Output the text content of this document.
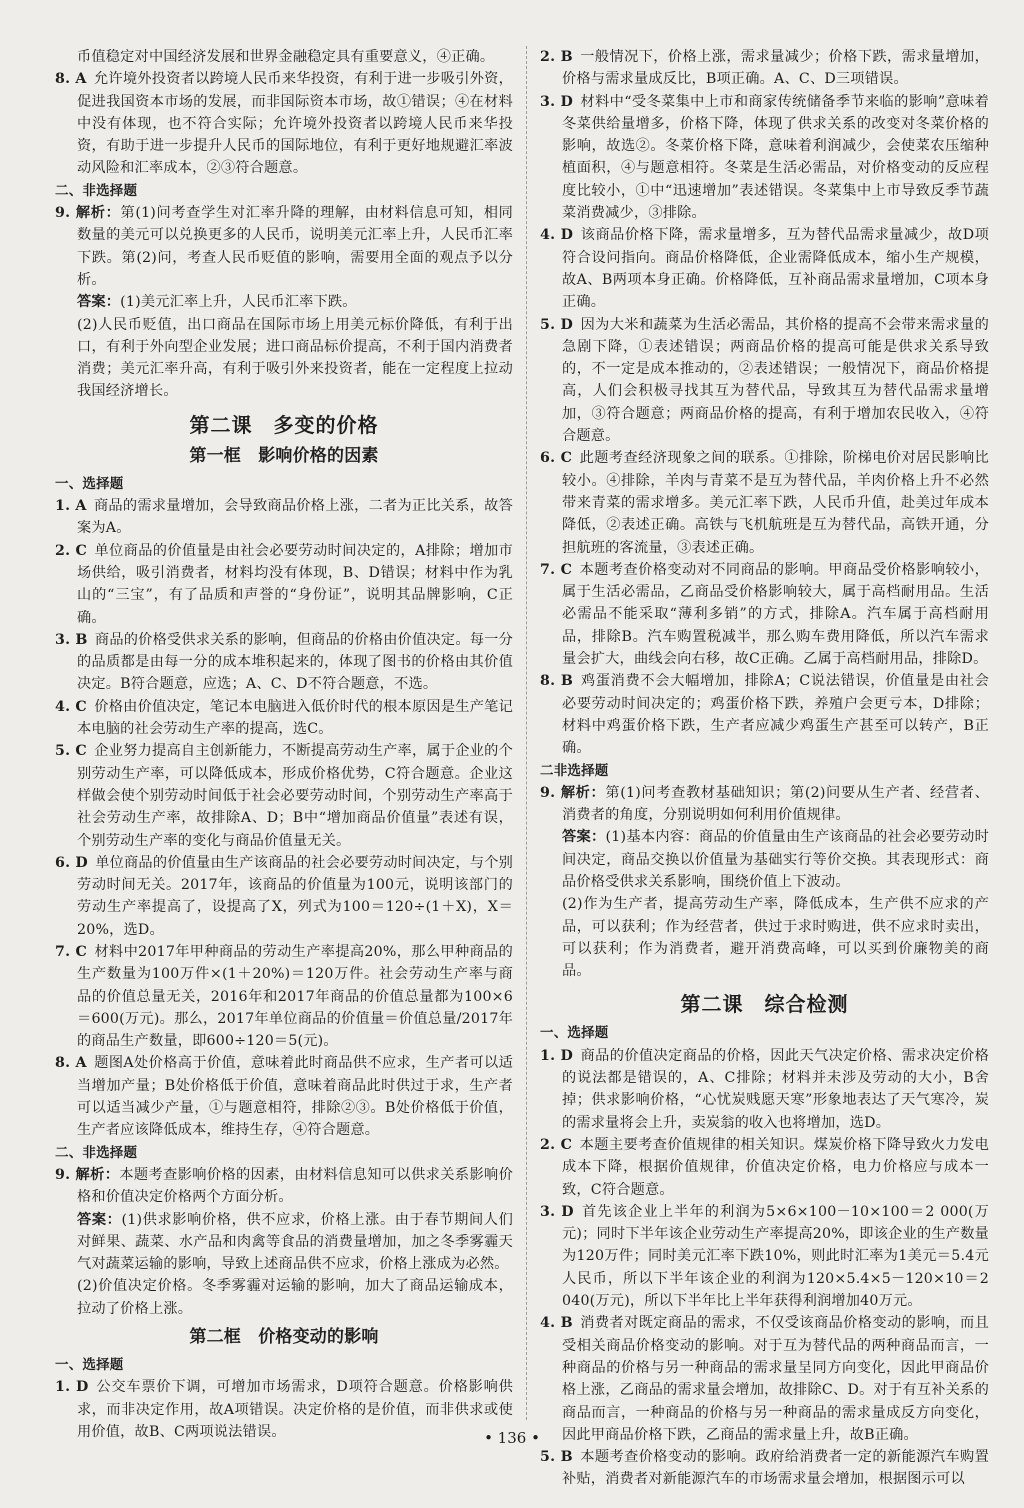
币值稳定对中国经济发展和世界金融稳定具有重要意义，④正确。

8. A  允许境外投资者以跨境人民币来华投资，有利于进一步吸引外资，促进我国资本市场的发展，而非国际资本市场，故①错误；④在材料中没有体现，也不符合实际；允许境外投资者以跨境人民币来华投资，有助于进一步提升人民币的国际地位，有利于更好地规避汇率波动风险和汇率成本，②③符合题意。

二、非选择题

9. 解析：第(1)问考查学生对汇率升降的理解，由材料信息可知，相同数量的美元可以兑换更多的人民币，说明美元汇率上升，人民币汇率下跌。第(2)问，考查人民币贬值的影响，需要用全面的观点予以分析。

答案：(1)美元汇率上升，人民币汇率下跌。

(2)人民币贬值，出口商品在国际市场上用美元标价降低，有利于出口，有利于外向型企业发展；进口商品标价提高，不利于国内消费者消费；美元汇率升高，有利于吸引外来投资者，能在一定程度上拉动我国经济增长。

第二课　多变的价格

第一框　影响价格的因素

一、选择题

1. A  商品的需求量增加，会导致商品价格上涨，二者为正比关系，故答案为A。

2. C  单位商品的价值量是由社会必要劳动时间决定的，A排除；增加市场供给，吸引消费者，材料均没有体现，B、D错误；材料中作为乳山的“三宝”，有了品质和声誉的“身份证”，说明其品牌影响，C正确。

3. B  商品的价格受供求关系的影响，但商品的价格由价值决定。每一分的品质都是由每一分的成本堆积起来的，体现了图书的价格由其价值决定。B符合题意，应选；A、C、D不符合题意，不选。

4. C  价格由价值决定，笔记本电脑进入低价时代的根本原因是生产笔记本电脑的社会劳动生产率的提高，选C。

5. C  企业努力提高自主创新能力，不断提高劳动生产率，属于企业的个别劳动生产率，可以降低成本，形成价格优势，C符合题意。企业这样做会使个别劳动时间低于社会必要劳动时间，个别劳动生产率高于社会劳动生产率，故排除A、D；B中“增加商品价值量”表述有误，个别劳动生产率的变化与商品价值量无关。

6. D  单位商品的价值量由生产该商品的社会必要劳动时间决定，与个别劳动时间无关。2017年，该商品的价值量为100元，说明该部门的劳动生产率提高了，设提高了X，列式为100＝120÷(1＋X)，X＝20%，选D。

7. C  材料中2017年甲种商品的劳动生产率提高20%，那么甲种商品的生产数量为100万件×(1＋20%)＝120万件。社会劳动生产率与商品的价值总量无关，2016年和2017年商品的价值总量都为100×6＝600(万元)。那么，2017年单位商品的价值量＝价值总量/2017年的商品生产数量，即600÷120＝5(元)。

8. A  题图A处价格高于价值，意味着此时商品供不应求，生产者可以适当增加产量；B处价格低于价值，意味着商品此时供过于求，生产者可以适当减少产量，①与题意相符，排除②③。B处价格低于价值，生产者应该降低成本，维持生存，④符合题意。

二、非选择题

9. 解析：本题考查影响价格的因素，由材料信息知可以供求关系影响价格和价值决定价格两个方面分析。

答案：(1)供求影响价格，供不应求，价格上涨。由于春节期间人们对鲜果、蔬菜、水产品和肉禽等食品的消费量增加，加之冬季雾霾天气对蔬菜运输的影响，导致上述商品供不应求，价格上涨成为必然。

(2)价值决定价格。冬季雾霾对运输的影响，加大了商品运输成本，拉动了价格上涨。

第二框　价格变动的影响

一、选择题

1. D  公交车票价下调，可增加市场需求，D项符合题意。价格影响供求，而非决定作用，故A项错误。决定价格的是价值，而非供求或使用价值，故B、C两项说法错误。

2. B  一般情况下，价格上涨，需求量减少；价格下跌，需求量增加，价格与需求量成反比，B项正确。A、C、D三项错误。

3. D  材料中“受冬菜集中上市和商家传统储备季节来临的影响”意味着冬菜供给量增多，价格下降，体现了供求关系的改变对冬菜价格的影响，故选②。冬菜价格下降，意味着利润减少，会使菜农压缩种植面积，④与题意相符。冬菜是生活必需品，对价格变动的反应程度比较小，①中“迅速增加”表述错误。冬菜集中上市导致反季节蔬菜消费减少，③排除。

4. D  该商品价格下降，需求量增多，互为替代品需求量减少，故D项符合设问指向。商品价格降低，企业需降低成本，缩小生产规模，故A、B两项本身正确。价格降低，互补商品需求量增加，C项本身正确。

5. D  因为大米和蔬菜为生活必需品，其价格的提高不会带来需求量的急剧下降，①表述错误；两商品价格的提高可能是供求关系导致的，不一定是成本推动的，②表述错误；一般情况下，商品价格提高，人们会积极寻找其互为替代品，导致其互为替代品需求量增加，③符合题意；两商品价格的提高，有利于增加农民收入，④符合题意。

6. C  此题考查经济现象之间的联系。①排除，阶梯电价对居民影响比较小。④排除，羊肉与青菜不是互为替代品，羊肉价格上升不必然带来青菜的需求增多。美元汇率下跌，人民币升值，赴美过年成本降低，②表述正确。高铁与飞机航班是互为替代品，高铁开通，分担航班的客流量，③表述正确。

7. C  本题考查价格变动对不同商品的影响。甲商品受价格影响较小，属于生活必需品，乙商品受价格影响较大，属于高档耐用品。生活必需品不能采取“薄利多销”的方式，排除A。汽车属于高档耐用品，排除B。汽车购置税减半，那么购车费用降低，所以汽车需求量会扩大，曲线会向右移，故C正确。乙属于高档耐用品，排除D。

8. B  鸡蛋消费不会大幅增加，排除A；C说法错误，价值量是由社会必要劳动时间决定的；鸡蛋价格下跌，养殖户会更亏本，D排除；材料中鸡蛋价格下跌，生产者应减少鸡蛋生产甚至可以转产，B正确。

二非选择题

9. 解析：第(1)问考查教材基础知识；第(2)问要从生产者、经营者、消费者的角度，分别说明如何利用价值规律。

答案：(1)基本内容：商品的价值量由生产该商品的社会必要劳动时间决定，商品交换以价值量为基础实行等价交换。其表现形式：商品价格受供求关系影响，围绕价值上下波动。

(2)作为生产者，提高劳动生产率，降低成本，生产供不应求的产品，可以获利；作为经营者，供过于求时购进，供不应求时卖出，可以获利；作为消费者，避开消费高峰，可以买到价廉物美的商品。

第二课　综合检测

一、选择题

1. D  商品的价值决定商品的价格，因此天气决定价格、需求决定价格的说法都是错误的，A、C排除；材料并未涉及劳动的大小，B舍掉；供求影响价格，“心忧炭贱愿天寒”形象地表达了天气寒冷，炭的需求量将会上升，卖炭翁的收入也将增加，选D。

2. C  本题主要考查价值规律的相关知识。煤炭价格下降导致火力发电成本下降，根据价值规律，价值决定价格，电力价格应与成本一致，C符合题意。

3. D  首先该企业上半年的利润为5×6×100－10×100＝2 000(万元)；同时下半年该企业劳动生产率提高20%，即该企业的生产数量为120万件；同时美元汇率下跌10%，则此时汇率为1美元＝5.4元人民币，所以下半年该企业的利润为120×5.4×5－120×10＝2 040(万元)，所以下半年比上半年获得利润增加40万元。

4. B  消费者对既定商品的需求，不仅受该商品价格变动的影响，而且受相关商品价格变动的影响。对于互为替代品的两种商品而言，一种商品的价格与另一种商品的需求量呈同方向变化，因此甲商品价格上涨，乙商品的需求量会增加，故排除C、D。对于有互补关系的商品而言，一种商品的价格与另一种商品的需求量成反方向变化，因此甲商品价格下跌，乙商品的需求量上升，故B正确。

5. B  本题考查价格变动的影响。政府给消费者一定的新能源汽车购置补贴，消费者对新能源汽车的市场需求量会增加，根据图示可以

• 136 •
